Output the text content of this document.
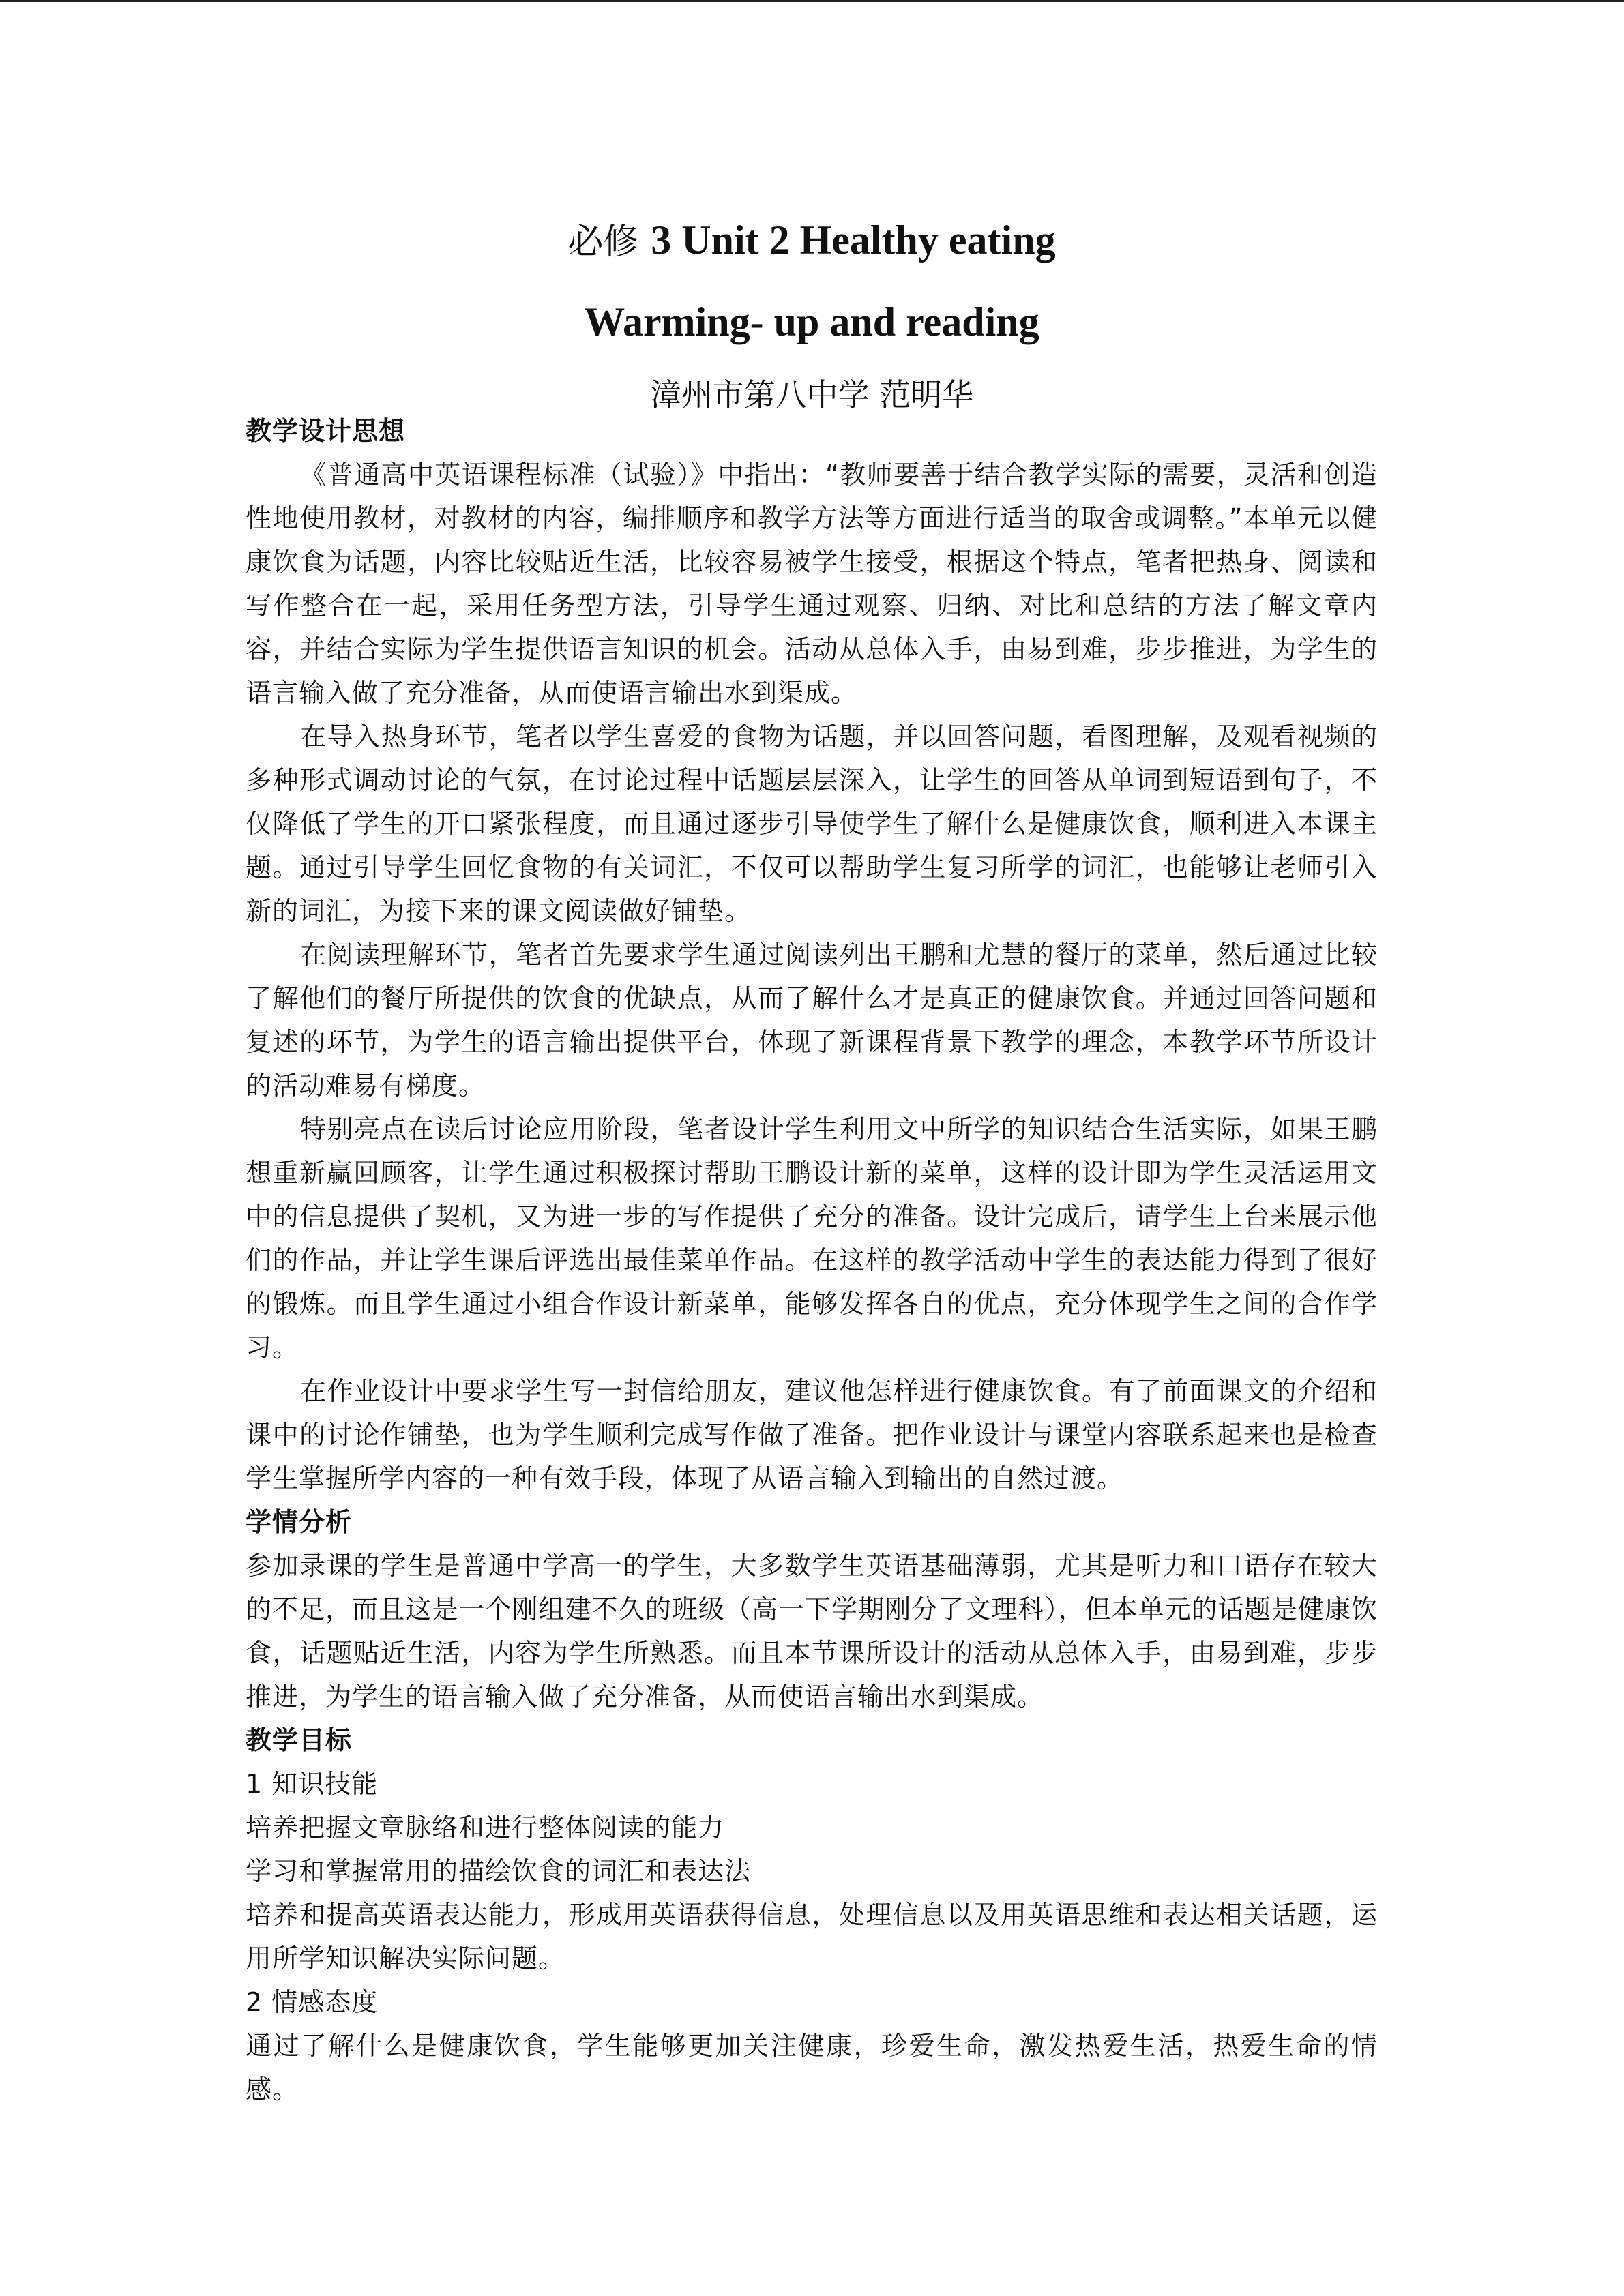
必修 3 Unit 2 Healthy eating
Warming- up and reading
漳州市第八中学 范明华

教学设计思想

《普通高中英语课程标准（试验）》中指出：“教师要善于结合教学实际的需要，灵活和创造性地使用教材，对教材的内容，编排顺序和教学方法等方面进行适当的取舍或调整。”本单元以健康饮食为话题，内容比较贴近生活，比较容易被学生接受，根据这个特点，笔者把热身、阅读和写作整合在一起，采用任务型方法，引导学生通过观察、归纳、对比和总结的方法了解文章内容，并结合实际为学生提供语言知识的机会。活动从总体入手，由易到难，步步推进，为学生的语言输入做了充分准备，从而使语言输出水到渠成。

在导入热身环节，笔者以学生喜爱的食物为话题，并以回答问题，看图理解，及观看视频的多种形式调动讨论的气氛，在讨论过程中话题层层深入，让学生的回答从单词到短语到句子，不仅降低了学生的开口紧张程度，而且通过逐步引导使学生了解什么是健康饮食，顺利进入本课主题。通过引导学生回忆食物的有关词汇，不仅可以帮助学生复习所学的词汇，也能够让老师引入新的词汇，为接下来的课文阅读做好铺垫。

在阅读理解环节，笔者首先要求学生通过阅读列出王鹏和尤慧的餐厅的菜单，然后通过比较了解他们的餐厅所提供的饮食的优缺点，从而了解什么才是真正的健康饮食。并通过回答问题和复述的环节，为学生的语言输出提供平台，体现了新课程背景下教学的理念，本教学环节所设计的活动难易有梯度。

特别亮点在读后讨论应用阶段，笔者设计学生利用文中所学的知识结合生活实际，如果王鹏想重新赢回顾客，让学生通过积极探讨帮助王鹏设计新的菜单，这样的设计即为学生灵活运用文中的信息提供了契机，又为进一步的写作提供了充分的准备。设计完成后，请学生上台来展示他们的作品，并让学生课后评选出最佳菜单作品。在这样的教学活动中学生的表达能力得到了很好的锻炼。而且学生通过小组合作设计新菜单，能够发挥各自的优点，充分体现学生之间的合作学习。

在作业设计中要求学生写一封信给朋友，建议他怎样进行健康饮食。有了前面课文的介绍和课中的讨论作铺垫，也为学生顺利完成写作做了准备。把作业设计与课堂内容联系起来也是检查学生掌握所学内容的一种有效手段，体现了从语言输入到输出的自然过渡。

学情分析

参加录课的学生是普通中学高一的学生，大多数学生英语基础薄弱，尤其是听力和口语存在较大的不足，而且这是一个刚组建不久的班级（高一下学期刚分了文理科），但本单元的话题是健康饮食，话题贴近生活，内容为学生所熟悉。而且本节课所设计的活动从总体入手，由易到难，步步推进，为学生的语言输入做了充分准备，从而使语言输出水到渠成。

教学目标

1 知识技能

培养把握文章脉络和进行整体阅读的能力

学习和掌握常用的描绘饮食的词汇和表达法

培养和提高英语表达能力，形成用英语获得信息，处理信息以及用英语思维和表达相关话题，运用所学知识解决实际问题。

2 情感态度

通过了解什么是健康饮食，学生能够更加关注健康，珍爱生命，激发热爱生活，热爱生命的情感。
